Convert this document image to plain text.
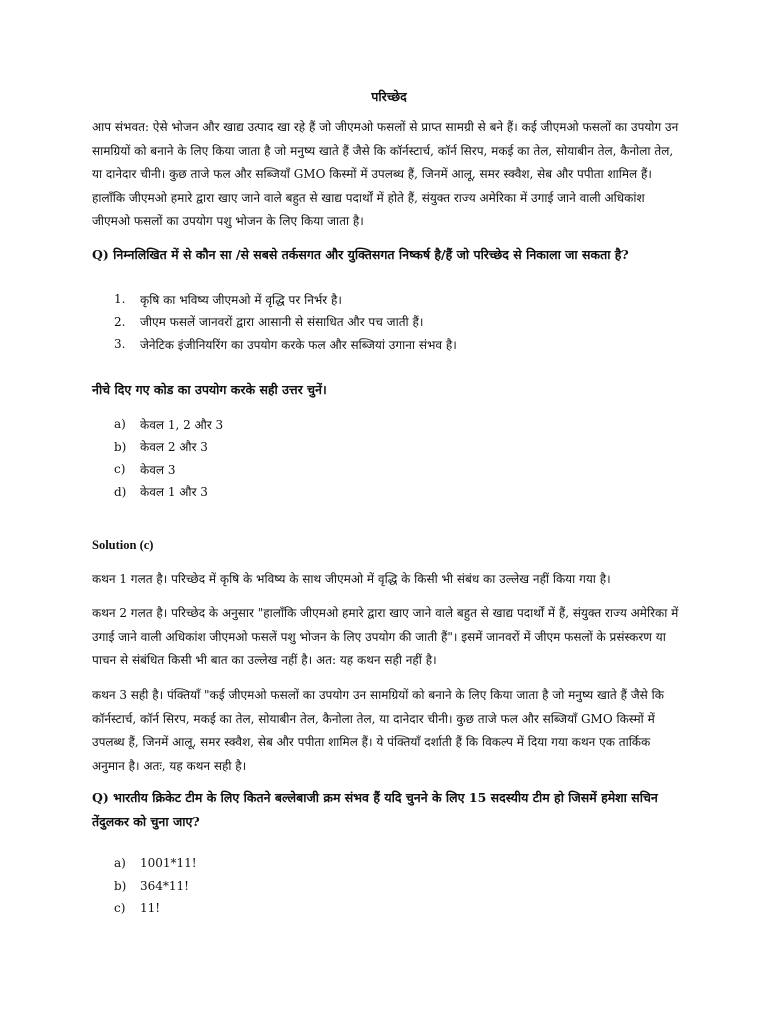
परिच्छेद

आप संभवत: ऐसे भोजन और खाद्य उत्पाद खा रहे हैं जो जीएमओ फसलों से प्राप्त सामग्री से बने हैं। कई जीएमओ फसलों का उपयोग उन सामग्रियों को बनाने के लिए किया जाता है जो मनुष्य खाते हैं जैसे कि कॉर्नस्टार्च, कॉर्न सिरप, मकई का तेल, सोयाबीन तेल, कैनोला तेल, या दानेदार चीनी। कुछ ताजे फल और सब्जियाँ GMO किस्मों में उपलब्ध हैं, जिनमें आलू, समर स्क्वैश, सेब और पपीता शामिल हैं। हालाँकि जीएमओ हमारे द्वारा खाए जाने वाले बहुत से खाद्य पदार्थों में होते हैं, संयुक्त राज्य अमेरिका में उगाई जाने वाली अधिकांश जीएमओ फसलों का उपयोग पशु भोजन के लिए किया जाता है।

Q) निम्नलिखित में से कौन सा /से सबसे तर्कसगत और युक्तिसगत निष्कर्ष है/हैं जो परिच्छेद से निकाला जा सकता है?

1.	कृषि का भविष्य जीएमओ में वृद्धि पर निर्भर है।
2.	जीएम फसलें जानवरों द्वारा आसानी से संसाधित और पच जाती हैं।
3.	जेनेटिक इंजीनियरिंग का उपयोग करके फल और सब्जियां उगाना संभव है।

नीचे दिए गए कोड का उपयोग करके सही उत्तर चुनें।

a)	केवल 1, 2 और 3
b)	केवल 2 और 3
c)	केवल 3
d)	केवल 1 और 3
Solution (c)

कथन 1 गलत है। परिच्छेद में कृषि के भविष्य के साथ जीएमओ में वृद्धि के किसी भी संबंध का उल्लेख नहीं किया गया है।

कथन 2 गलत है। परिच्छेद के अनुसार "हालाँकि जीएमओ हमारे द्वारा खाए जाने वाले बहुत से खाद्य पदार्थों में हैं, संयुक्त राज्य अमेरिका में उगाई जाने वाली अधिकांश जीएमओ फसलें पशु भोजन के लिए उपयोग की जाती हैं"। इसमें जानवरों में जीएम फसलों के प्रसंस्करण या पाचन से संबंधित किसी भी बात का उल्लेख नहीं है। अत: यह कथन सही नहीं है।

कथन 3 सही है। पंक्तियाँ "कई जीएमओ फसलों का उपयोग उन सामग्रियों को बनाने के लिए किया जाता है जो मनुष्य खाते हैं जैसे कि कॉर्नस्टार्च, कॉर्न सिरप, मकई का तेल, सोयाबीन तेल, कैनोला तेल, या दानेदार चीनी। कुछ ताजे फल और सब्जियाँ GMO किस्मों में उपलब्ध हैं, जिनमें आलू, समर स्क्वैश, सेब और पपीता शामिल हैं। ये पंक्तियाँ दर्शाती हैं कि विकल्प में दिया गया कथन एक तार्किक अनुमान है। अतः, यह कथन सही है।

Q) भारतीय क्रिकेट टीम के लिए कितने बल्लेबाजी क्रम संभव हैं यदि चुनने के लिए 15 सदस्यीय टीम हो जिसमें हमेशा सचिन तेंदुलकर को चुना जाए?

a)	1001*11!
b)	364*11!
c)	11!
